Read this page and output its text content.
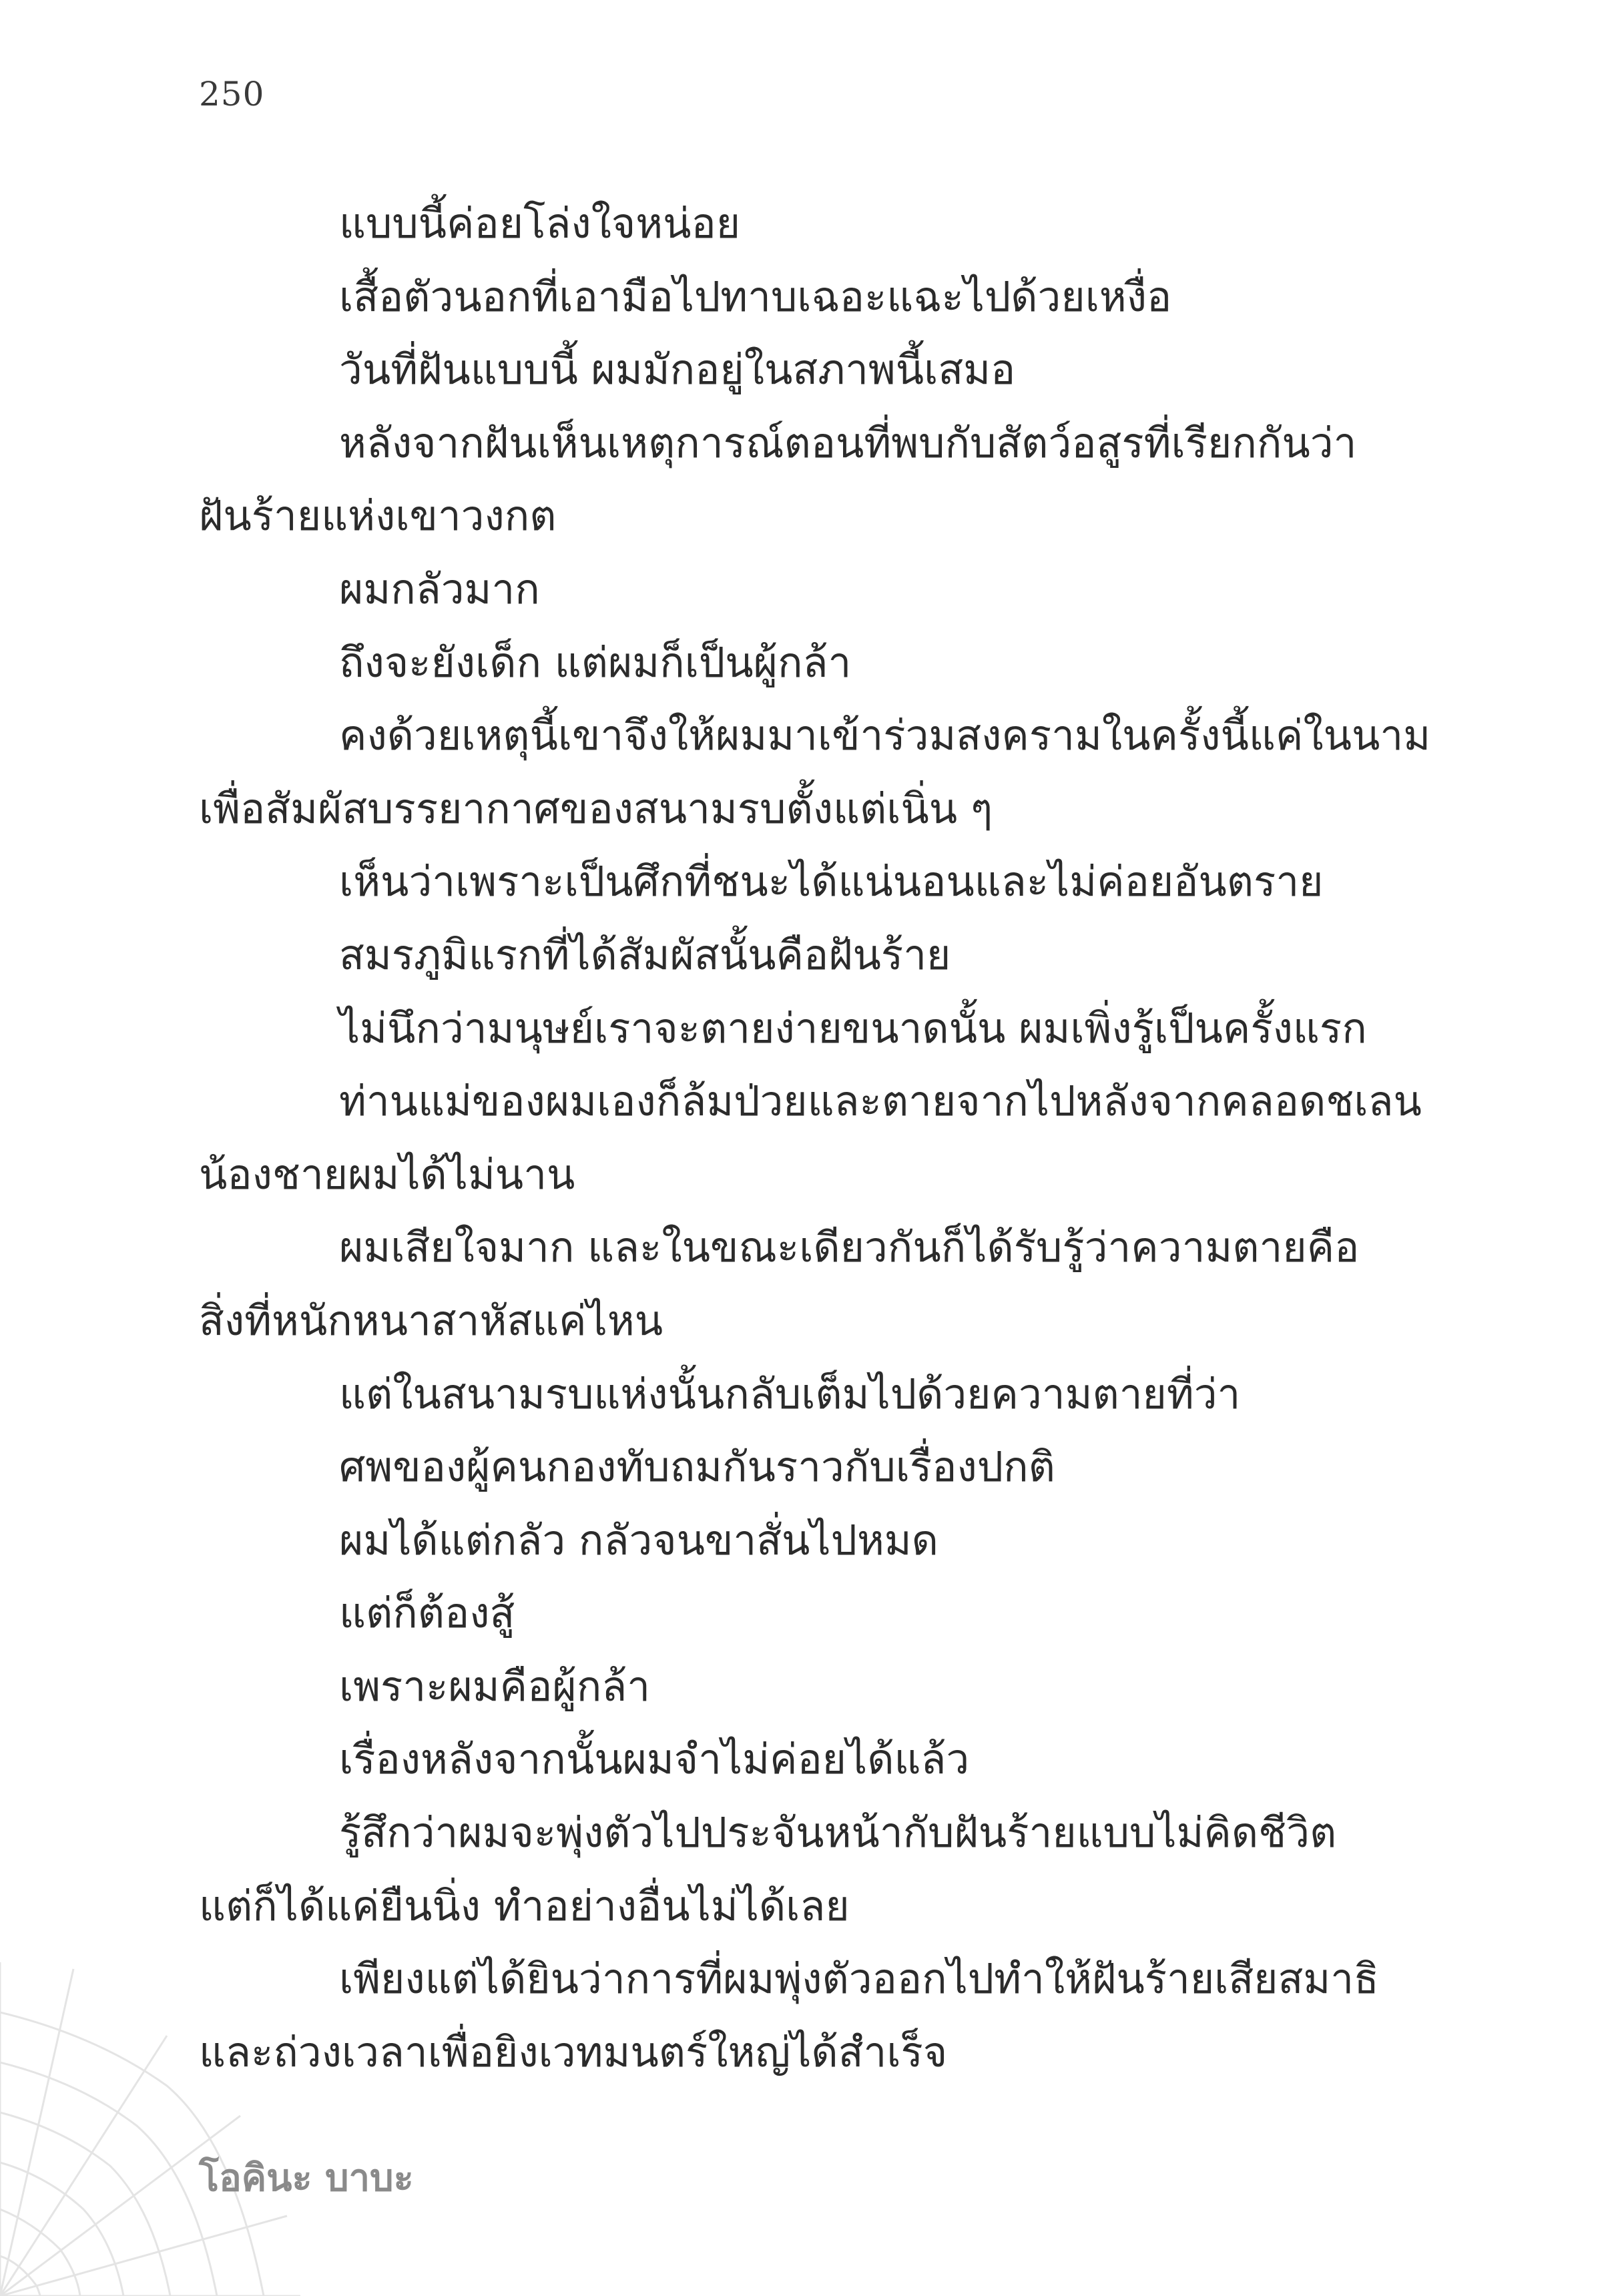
250

แบบนี้ค่อยโล่งใจหน่อย

เสื้อตัวนอกที่เอามือไปทาบเฉอะแฉะไปด้วยเหงื่อ

วันที่ฝันแบบนี้ ผมมักอยู่ในสภาพนี้เสมอ

หลังจากฝันเห็นเหตุการณ์ตอนที่พบกับสัตว์อสูรที่เรียกกันว่า
ฝันร้ายแห่งเขาวงกต

ผมกลัวมาก

ถึงจะยังเด็ก แต่ผมก็เป็นผู้กล้า

คงด้วยเหตุนี้เขาจึงให้ผมมาเข้าร่วมสงครามในครั้งนี้แค่ในนาม
เพื่อสัมผัสบรรยากาศของสนามรบตั้งแต่เนิ่น ๆ

เห็นว่าเพราะเป็นศึกที่ชนะได้แน่นอนและไม่ค่อยอันตราย

สมรภูมิแรกที่ได้สัมผัสนั้นคือฝันร้าย

ไม่นึกว่ามนุษย์เราจะตายง่ายขนาดนั้น ผมเพิ่งรู้เป็นครั้งแรก

ท่านแม่ของผมเองก็ล้มป่วยและตายจากไปหลังจากคลอดชเลน
น้องชายผมได้ไม่นาน

ผมเสียใจมาก และในขณะเดียวกันก็ได้รับรู้ว่าความตายคือ
สิ่งที่หนักหนาสาหัสแค่ไหน

แต่ในสนามรบแห่งนั้นกลับเต็มไปด้วยความตายที่ว่า

ศพของผู้คนกองทับถมกันราวกับเรื่องปกติ

ผมได้แต่กลัว กลัวจนขาสั่นไปหมด

แต่ก็ต้องสู้

เพราะผมคือผู้กล้า

เรื่องหลังจากนั้นผมจำไม่ค่อยได้แล้ว

รู้สึกว่าผมจะพุ่งตัวไปประจันหน้ากับฝันร้ายแบบไม่คิดชีวิต
แต่ก็ได้แค่ยืนนิ่ง ทำอย่างอื่นไม่ได้เลย

เพียงแต่ได้ยินว่าการที่ผมพุ่งตัวออกไปทำให้ฝันร้ายเสียสมาธิ
และถ่วงเวลาเพื่อยิงเวทมนตร์ใหญ่ได้สำเร็จ

โอคินะ บาบะ
